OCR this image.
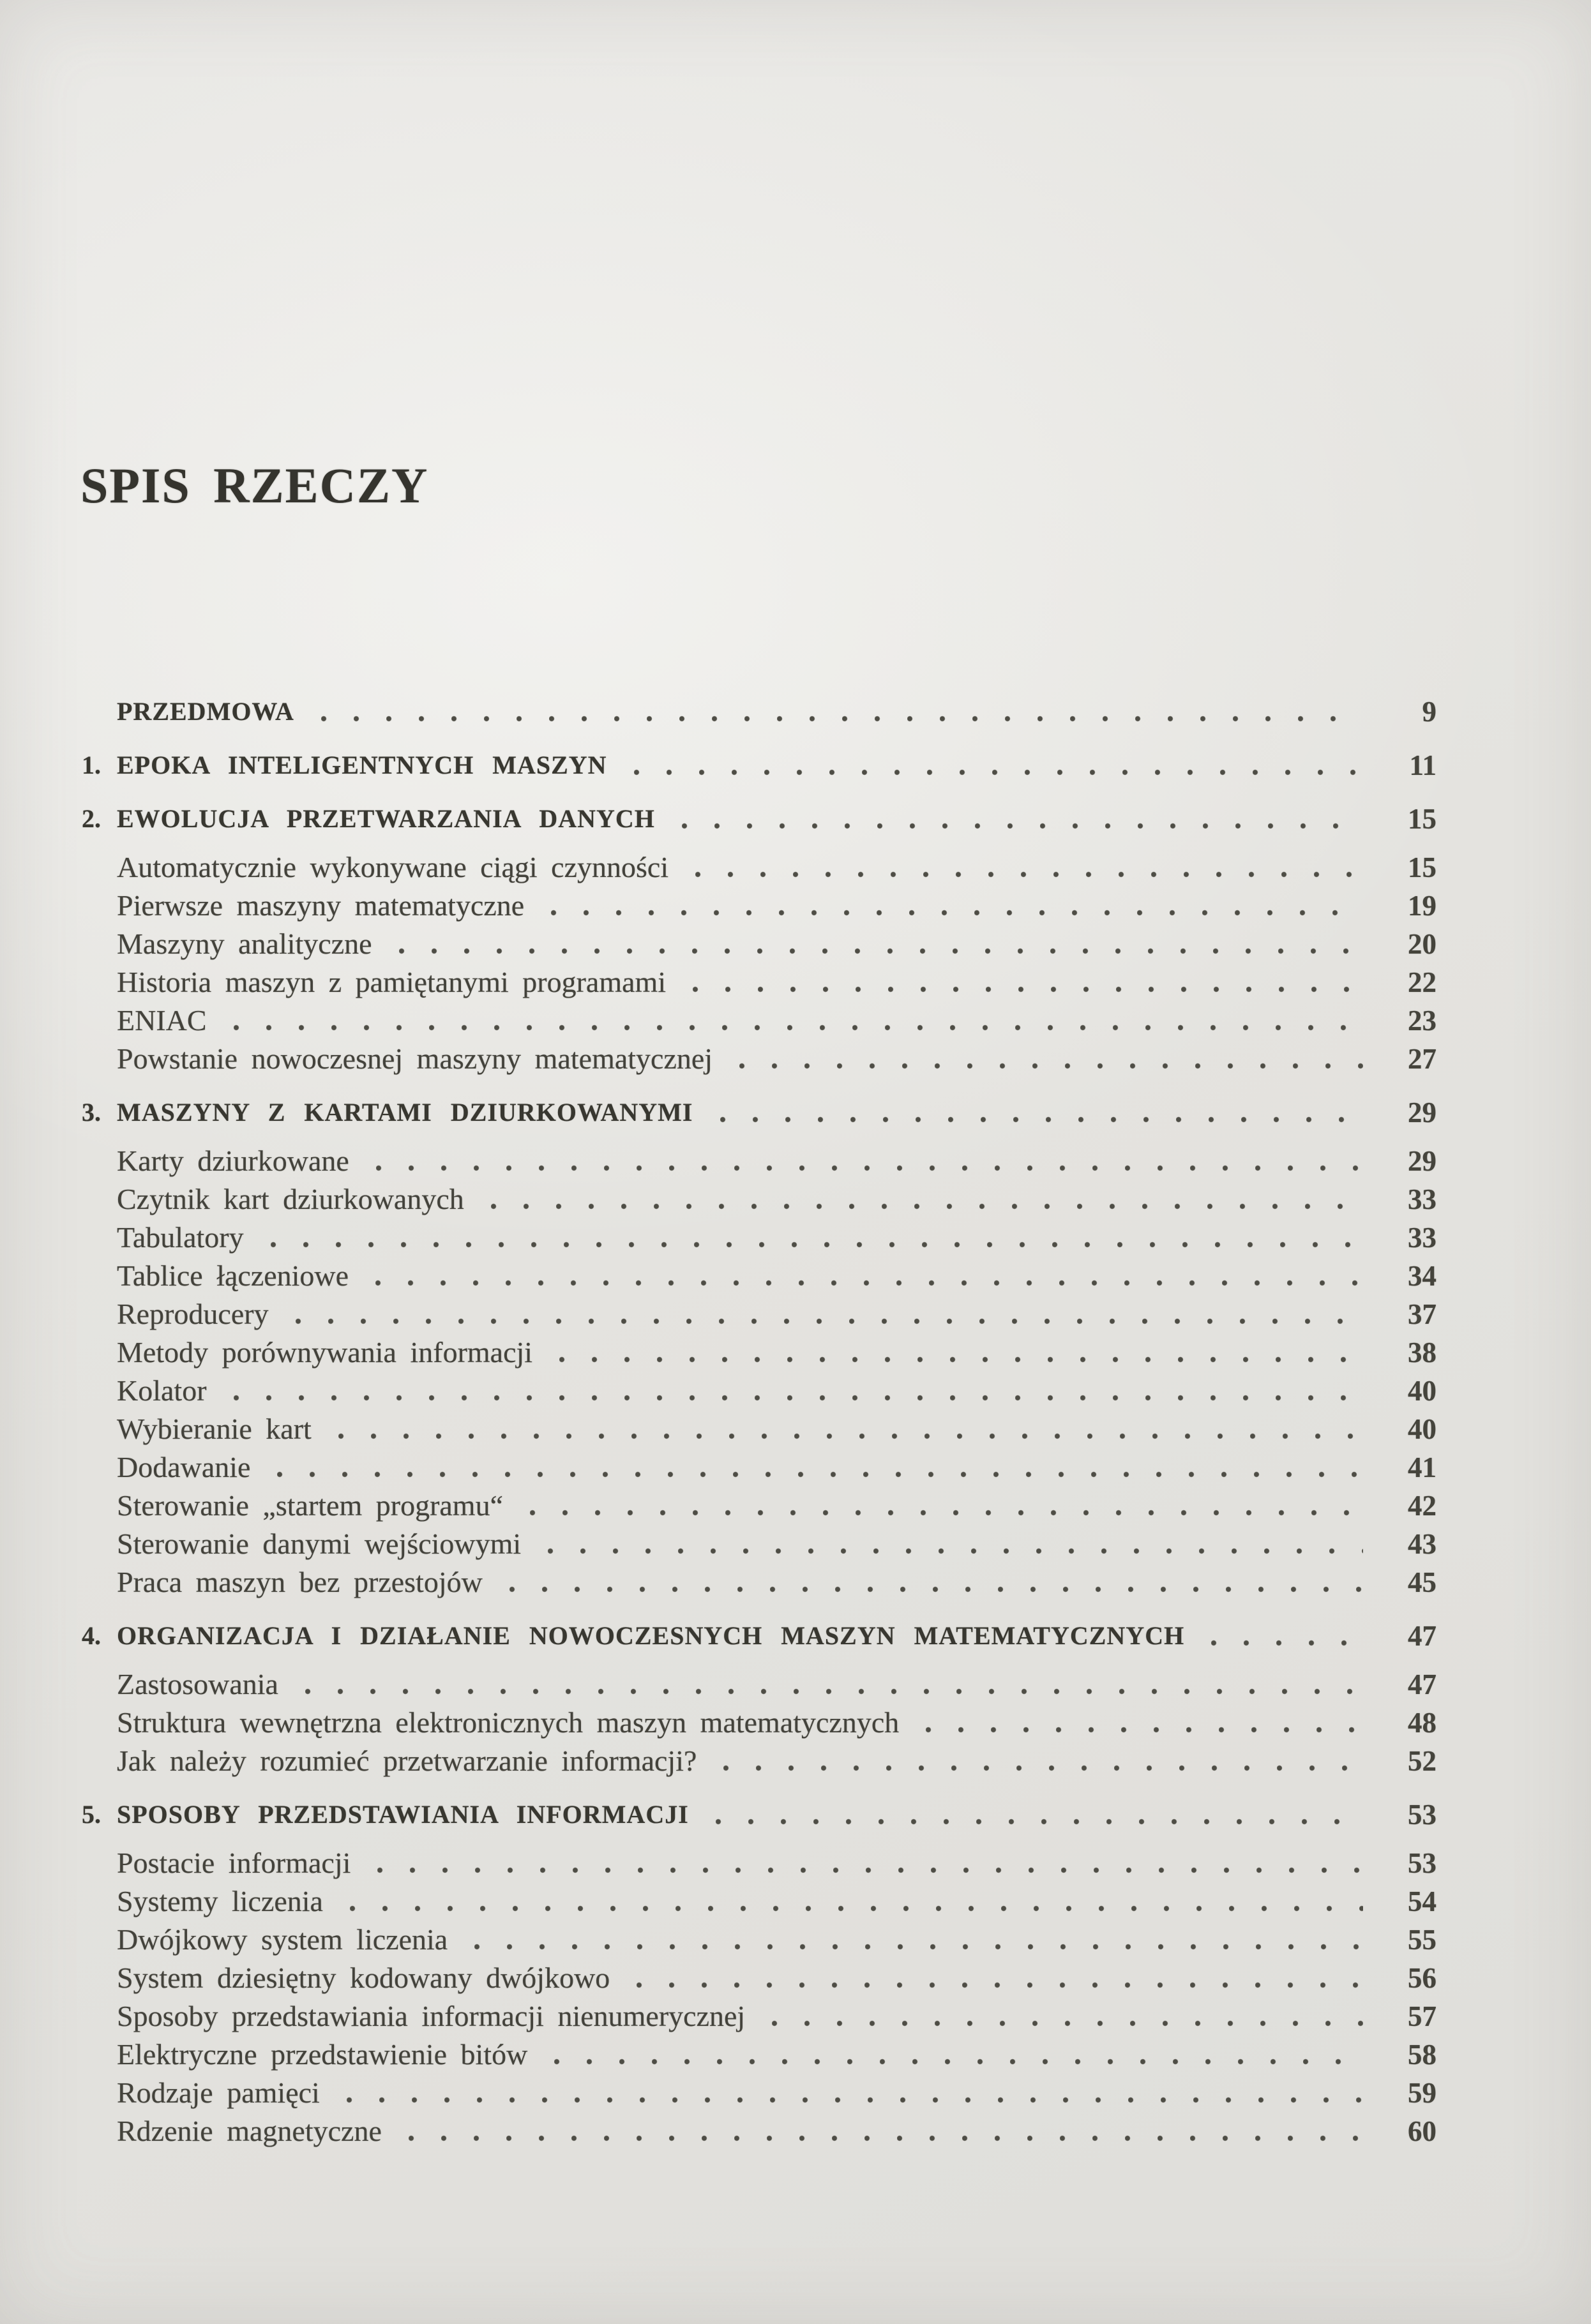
SPIS RZECZY
PRZEDMOWA	9
1. EPOKA INTELIGENTNYCH MASZYN	11
2. EWOLUCJA PRZETWARZANIA DANYCH	15
Automatycznie wykonywane ciągi czynności	15
Pierwsze maszyny matematyczne	19
Maszyny analityczne	20
Historia maszyn z pamiętanymi programami	22
ENIAC	23
Powstanie nowoczesnej maszyny matematycznej	27
3. MASZYNY Z KARTAMI DZIURKOWANYMI	29
Karty dziurkowane	29
Czytnik kart dziurkowanych	33
Tabulatory	33
Tablice łączeniowe	34
Reproducery	37
Metody porównywania informacji	38
Kolator	40
Wybieranie kart	40
Dodawanie	41
Sterowanie „startem programu“	42
Sterowanie danymi wejściowymi	43
Praca maszyn bez przestojów	45
4. ORGANIZACJA I DZIAŁANIE NOWOCZESNYCH MASZYN MATEMATYCZNYCH	47
Zastosowania	47
Struktura wewnętrzna elektronicznych maszyn matematycznych	48
Jak należy rozumieć przetwarzanie informacji?	52
5. SPOSOBY PRZEDSTAWIANIA INFORMACJI	53
Postacie informacji	53
Systemy liczenia	54
Dwójkowy system liczenia	55
System dziesiętny kodowany dwójkowo	56
Sposoby przedstawiania informacji nienumerycznej	57
Elektryczne przedstawienie bitów	58
Rodzaje pamięci	59
Rdzenie magnetyczne	60
